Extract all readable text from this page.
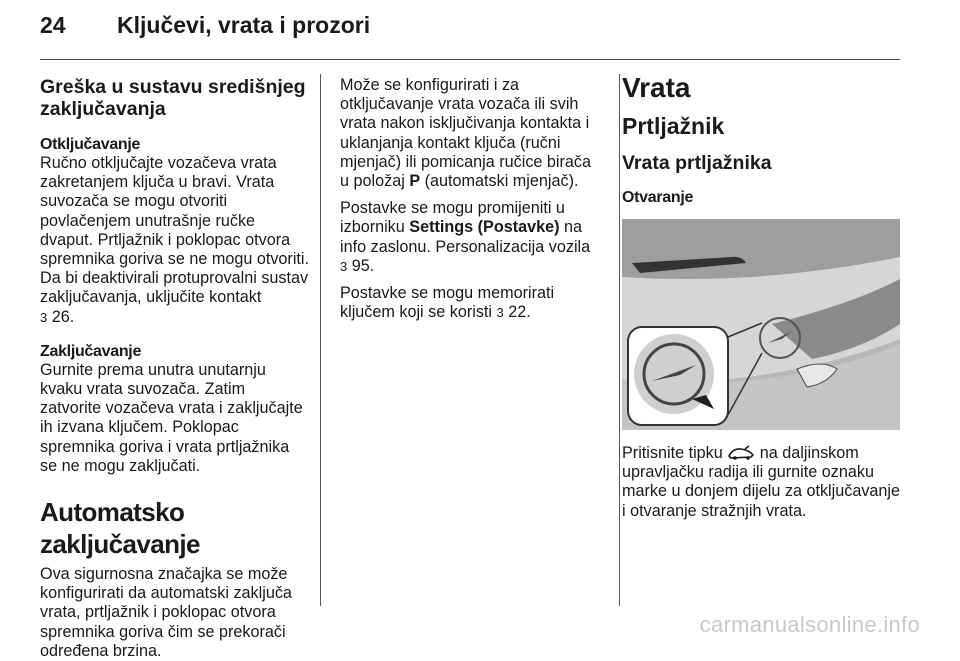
24 Ključevi, vrata i prozori
Greška u sustavu središnjeg zaključavanja
Otključavanje

Ručno otključajte vozačeva vrata zakretanjem ključa u bravi. Vrata suvozača se mogu otvoriti povlačenjem unutrašnje ručke dvaput. Prtljažnik i poklopac otvora spremnika goriva se ne mogu otvoriti. Da bi deaktivirali protuprovalni sustav zaključavanja, uključite kontakt
3 26.

Zaključavanje

Gurnite prema unutra unutarnju kvaku vrata suvozača. Zatim zatvorite vozačeva vrata i zaključajte ih izvana ključem. Poklopac spremnika goriva i vrata prtljažnika se ne mogu zaključati.

Automatsko zaključavanje

Ova sigurnosna značajka se može konfigurirati da automatski zaključa vrata, prtljažnik i poklopac otvora spremnika goriva čim se prekorači određena brzina.

Može se konfigurirati i za otključavanje vrata vozača ili svih vrata nakon isključivanja kontakta i uklanjanja kontakt ključa (ručni mjenjač) ili pomicanja ručice birača u položaj P (automatski mjenjač).

Postavke se mogu promijeniti u izborniku Settings (Postavke) na info zaslonu. Personalizacija vozila
3 95.

Postavke se mogu memorirati ključem koji se koristi 3 22.

Vrata
Prtljažnik
Vrata prtljažnika
Otvaranje

Pritisnite tipku na daljinskom upravljačku radija ili gurnite oznaku marke u donjem dijelu za otključavanje i otvaranje stražnjih vrata.

carmanualsonline.info
